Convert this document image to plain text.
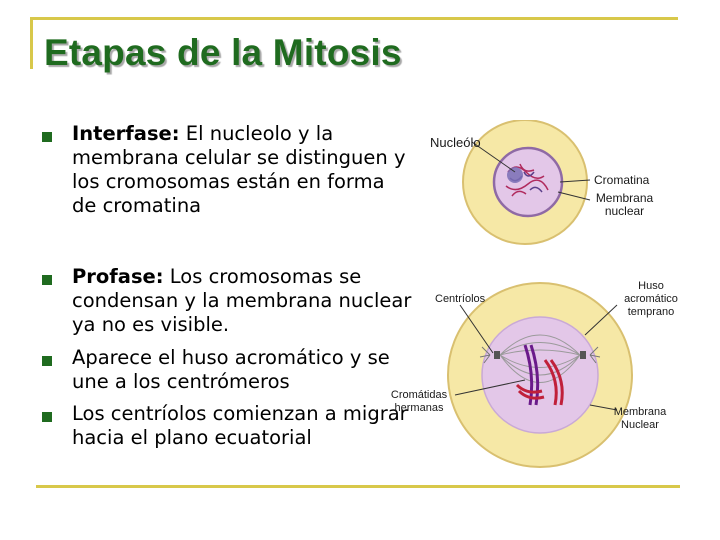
Etapas de la Mitosis
Interfase: El nucleolo y la membrana celular se distinguen y los cromosomas están en forma de cromatina
Profase: Los cromosomas se condensan y la membrana nuclear ya no es visible.
Aparece el huso acromático y se une a los centrómeros
Los centríolos comienzan a migrar hacia el plano ecuatorial
Nucleólo
Cromatina
Membrana nuclear
Centríolos
Huso acromático temprano
Cromátidas hermanas	Membrana Nuclear
